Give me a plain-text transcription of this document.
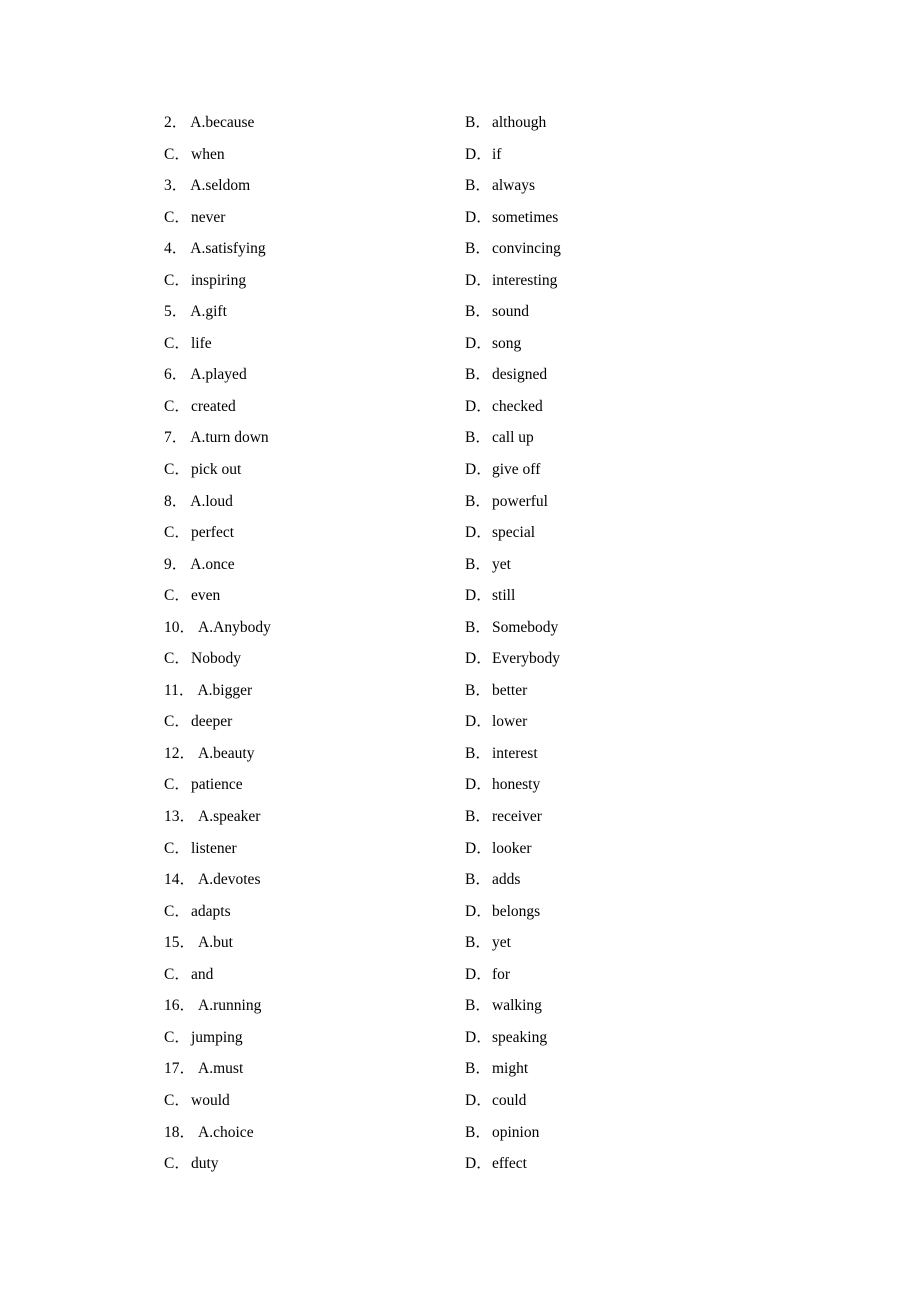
2． A.because	B．although
C．when	D．if
3． A.seldom	B．always
C．never	D．sometimes
4． A.satisfying	B．convincing
C．inspiring	D．interesting
5． A.gift	B．sound
C．life	D．song
6． A.played	B．designed
C．created	D．checked
7． A.turn down	B．call up
C．pick out	D．give off
8． A.loud	B．powerful
C．perfect	D．special
9． A.once	B．yet
C．even	D．still
10． A.Anybody	B．Somebody
C．Nobody	D．Everybody
11． A.bigger	B．better
C．deeper	D．lower
12． A.beauty	B．interest
C．patience	D．honesty
13． A.speaker	B．receiver
C．listener	D．looker
14． A.devotes	B．adds
C．adapts	D．belongs
15． A.but	B．yet
C．and	D．for
16． A.running	B．walking
C．jumping	D．speaking
17． A.must	B．might
C．would	D．could
18． A.choice	B．opinion
C．duty	D．effect
